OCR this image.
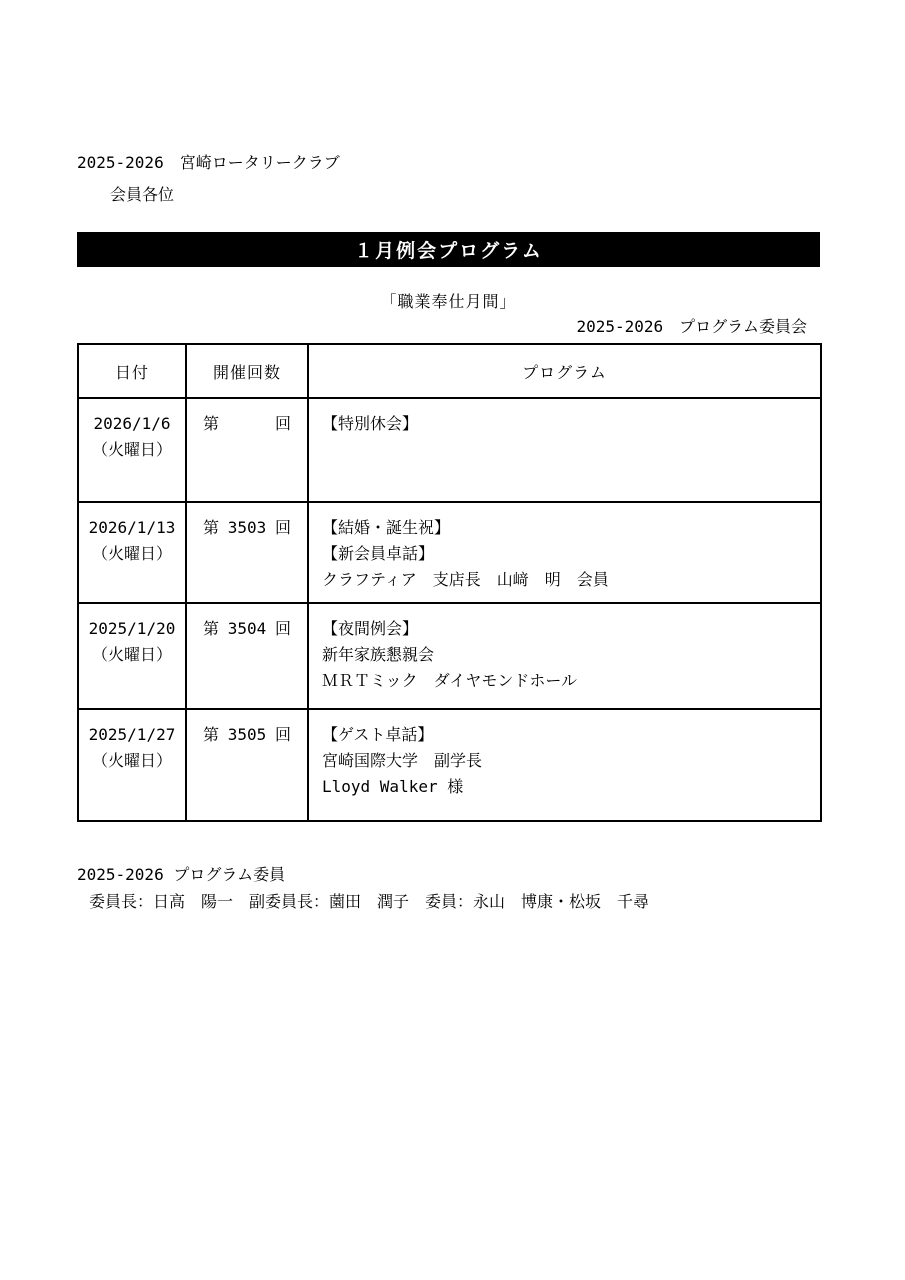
2025-2026　宮崎ロータリークラブ
会員各位
１月例会プログラム
「職業奉仕月間」
2025-2026　プログラム委員会
日付	開催回数	プログラム

2026/1/6
（火曜日）	第 回	【特別休会】

2026/1/13
（火曜日）
	第 3503 回	【結婚・誕生祝】
【新会員卓話】
クラフティア　支店長　山﨑　明　会員

2025/1/20
（火曜日）
	第 3504 回	【夜間例会】
新年家族懇親会
ＭＲＴミック　ダイヤモンドホール

2025/1/27
（火曜日）
	第 3505 回	【ゲスト卓話】
宮崎国際大学　副学長
Lloyd Walker 様
2025-2026 プログラム委員
委員長：日高　陽一　副委員長：薗田　潤子　委員：永山　博康・松坂　千尋
